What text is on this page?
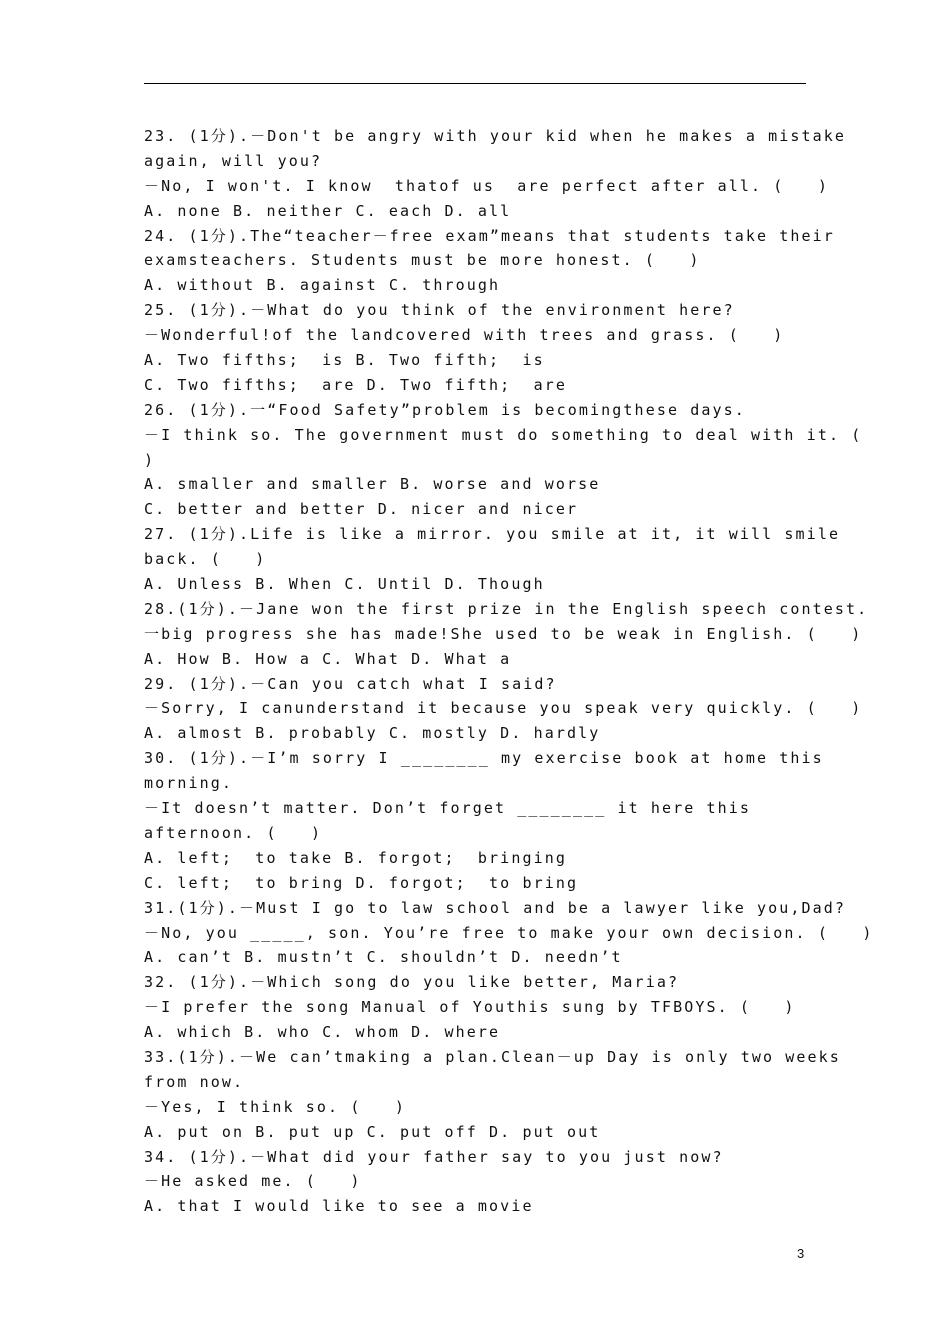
23. (1分).－Don't be angry with your kid when he makes a mistake
again, will you?
－No, I won't. I know  thatof us  are perfect after all. (   )
A. none B. neither C. each D. all
24. (1分).The“teacher－free exam”means that students take their
examsteachers. Students must be more honest. (   )
A. without B. against C. through
25. (1分).－What do you think of the environment here?
－Wonderful!of the landcovered with trees and grass. (   )
A. Two fifths;  is B. Two fifth;  is
C. Two fifths;  are D. Two fifth;  are
26. (1分).一“Food Safety”problem is becomingthese days.
－I think so. The government must do something to deal with it. (
)
A. smaller and smaller B. worse and worse
C. better and better D. nicer and nicer
27. (1分).Life is like a mirror. you smile at it, it will smile
back. (   )
A. Unless B. When C. Until D. Though
28.(1分).－Jane won the first prize in the English speech contest.
一big progress she has made!She used to be weak in English. (   )
A. How B. How a C. What D. What a
29. (1分).－Can you catch what I said?
－Sorry, I canunderstand it because you speak very quickly. (   )
A. almost B. probably C. mostly D. hardly
30. (1分).－I’m sorry I ________ my exercise book at home this
morning.
－It doesn’t matter. Don’t forget ________ it here this
afternoon. (   )
A. left;  to take B. forgot;  bringing
C. left;  to bring D. forgot;  to bring
31.(1分).－Must I go to law school and be a lawyer like you,Dad?
－No, you _____, son. You’re free to make your own decision. (   )
A. can’t B. mustn’t C. shouldn’t D. needn’t
32. (1分).－Which song do you like better, Maria?
－I prefer the song Manual of Youthis sung by TFBOYS. (   )
A. which B. who C. whom D. where
33.(1分).－We can’tmaking a plan.Clean－up Day is only two weeks
from now.
－Yes, I think so. (   )
A. put on B. put up C. put off D. put out
34. (1分).－What did your father say to you just now?
－He asked me. (   )
A. that I would like to see a movie
3
